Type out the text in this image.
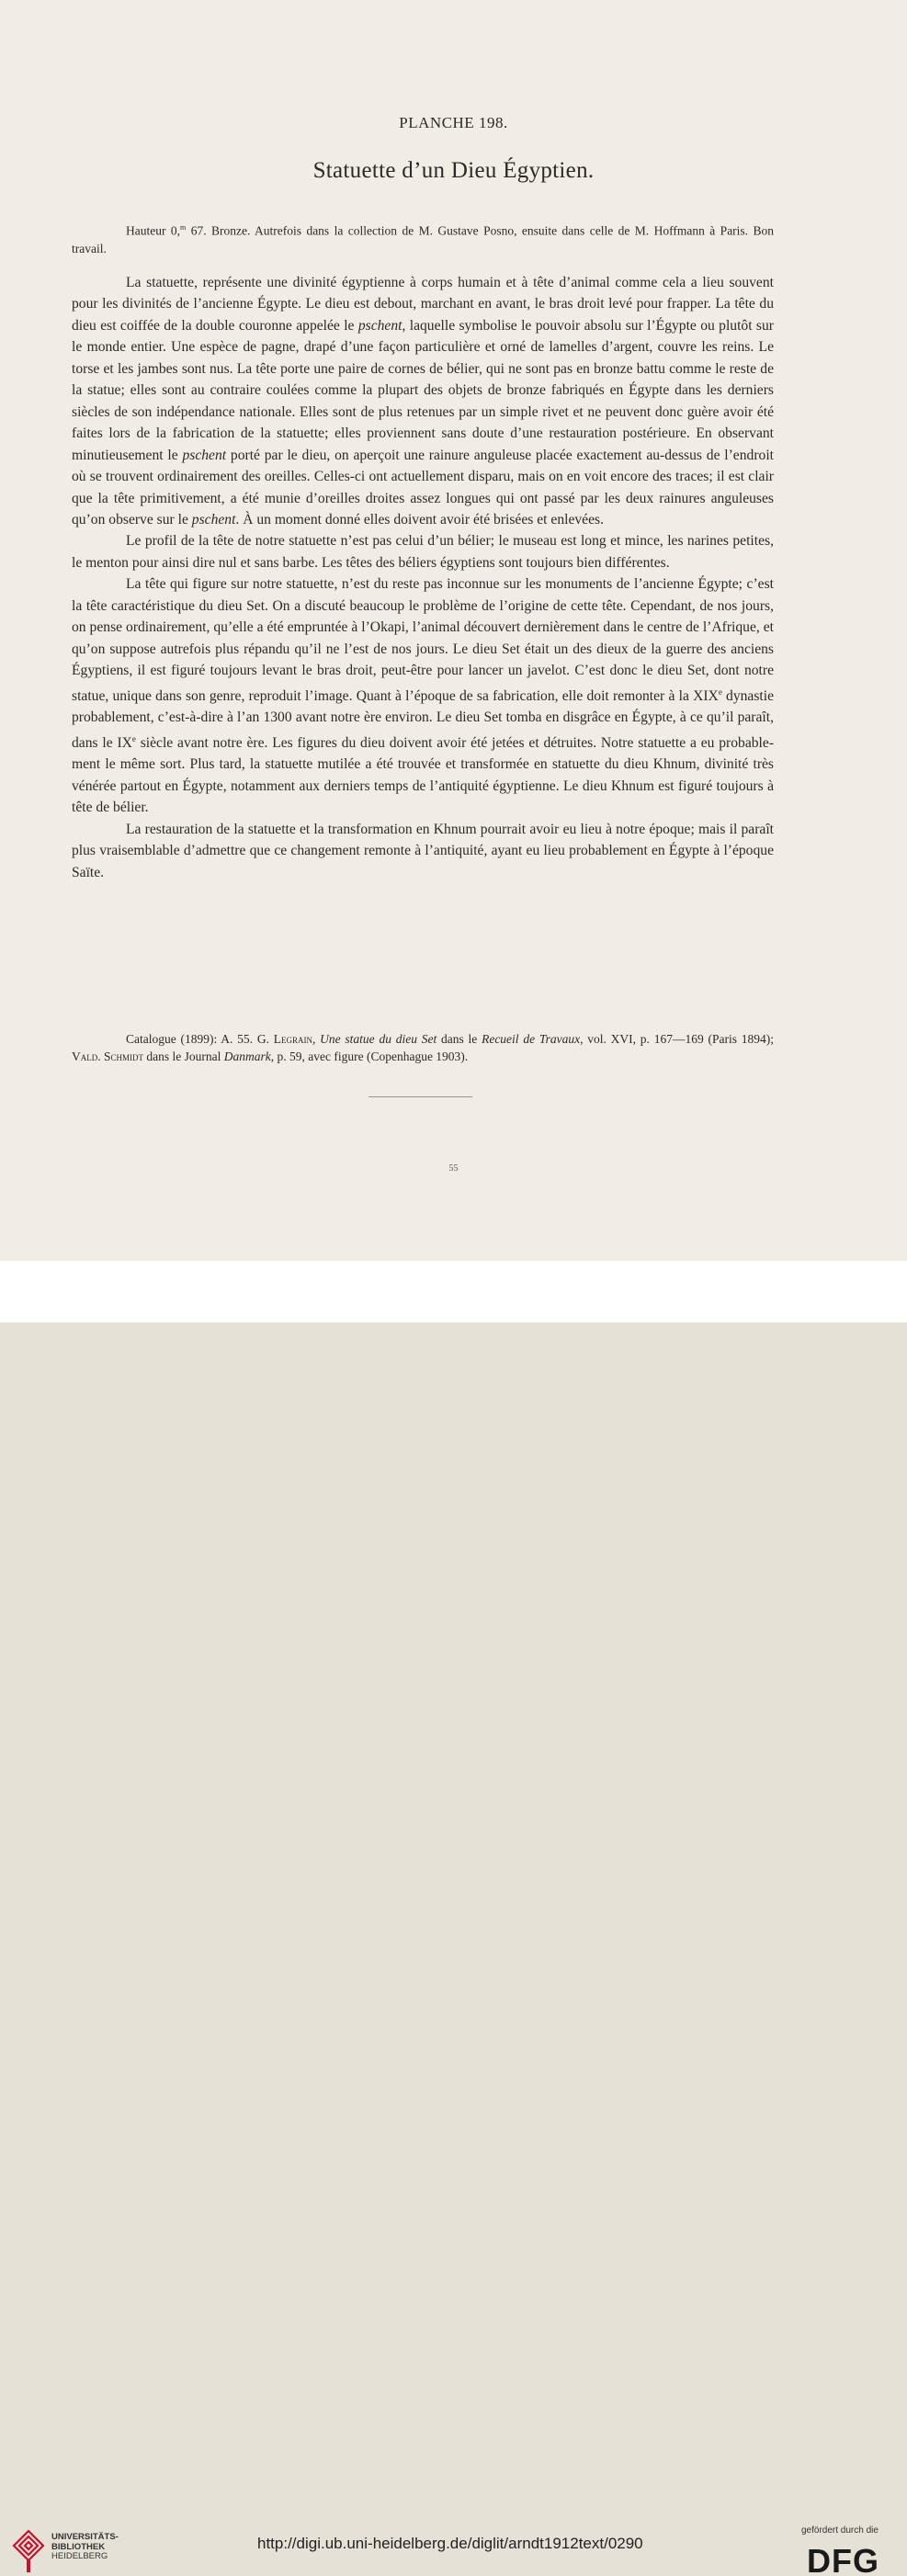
PLANCHE 198.
Statuette d’un Dieu Égyptien.
Hauteur 0,$^m$ 67. Bronze. Autrefois dans la collection de M. Gustave Posno, ensuite dans celle de M. Hoffmann à Paris. Bon travail.

La statuette, représente une divinité égyptienne à corps humain et à tête d’animal comme cela a lieu souvent pour les divinités de l’ancienne Égypte. Le dieu est debout, marchant en avant, le bras droit levé pour frapper. La tête du dieu est coiffée de la double couronne appelée le pschent, laquelle symbolise le pouvoir absolu sur l’Égypte ou plutôt sur le monde entier. Une espèce de pagne, drapé d’une façon particulière et orné de lamelles d’argent, couvre les reins. Le torse et les jambes sont nus. La tête porte une paire de cornes de bélier, qui ne sont pas en bronze battu comme le reste de la statue; elles sont au contraire coulées comme la plupart des objets de bronze fabriqués en Égypte dans les derniers siècles de son indépendance nationale. Elles sont de plus retenues par un simple rivet et ne peuvent donc guère avoir été faites lors de la fabrication de la statuette; elles proviennent sans doute d’une restauration postérieure. En observant minutieusement le pschent porté par le dieu, on aperçoit une rainure anguleuse placée exactement au-dessus de l’endroit où se trouvent ordinairement des oreilles. Celles-ci ont actuellement disparu, mais on en voit encore des traces; il est clair que la tête primitivement, a été munie d’oreilles droites assez longues qui ont passé par les deux rainures anguleuses qu’on observe sur le pschent. À un moment donné elles doivent avoir été brisées et enlevées.

Le profil de la tête de notre statuette n’est pas celui d’un bélier; le museau est long et mince, les narines petites, le menton pour ainsi dire nul et sans barbe. Les têtes des béliers égyptiens sont toujours bien différentes.

La tête qui figure sur notre statuette, n’est du reste pas inconnue sur les monuments de l’ancienne Égypte; c’est la tête caractéristique du dieu Set. On a discuté beaucoup le problème de l’origine de cette tête. Cependant, de nos jours, on pense ordinairement, qu’elle a été empruntée à l’Okapi, l’animal découvert dernièrement dans le centre de l’Afrique, et qu’on suppose autrefois plus répandu qu’il ne l’est de nos jours. Le dieu Set était un des dieux de la guerre des anciens Égyptiens, il est figuré toujours levant le bras droit, peut-être pour lancer un javelot. C’est donc le dieu Set, dont notre statue, unique dans son genre, reproduit l’image. Quant à l’époque de sa fabrication, elle doit remonter à la XIXe dynastie probablement, c’est-à-dire à l’an 1300 avant notre ère environ. Le dieu Set tomba en disgrâce en Égypte, à ce qu’il paraît, dans le IXe siècle avant notre ère. Les figures du dieu doivent avoir été jetées et détruites. Notre statuette a eu probablement le même sort. Plus tard, la statuette mutilée a été trouvée et transformée en statuette du dieu Khnum, divinité très vénérée partout en Égypte, notamment aux derniers temps de l’antiquité égyptienne. Le dieu Khnum est figuré toujours à tête de bélier.

La restauration de la statuette et la transformation en Khnum pourrait avoir eu lieu à notre époque; mais il paraît plus vraisemblable d’admettre que ce changement remonte à l’antiquité, ayant eu lieu probablement en Égypte à l’époque Saïte.

Catalogue (1899): A. 55. G. Legrain, Une statue du dieu Set dans le Recueil de Travaux, vol. XVI, p. 167—169 (Paris 1894); Vald. Schmidt dans le Journal Danmark, p. 59, avec figure (Copenhague 1903).
55
UNIVERSITÄTS-
BIBLIOTHEK
HEIDELBERG
http://digi.ub.uni-heidelberg.de/diglit/arndt1912text/0290
gefördert durch die
DFG
